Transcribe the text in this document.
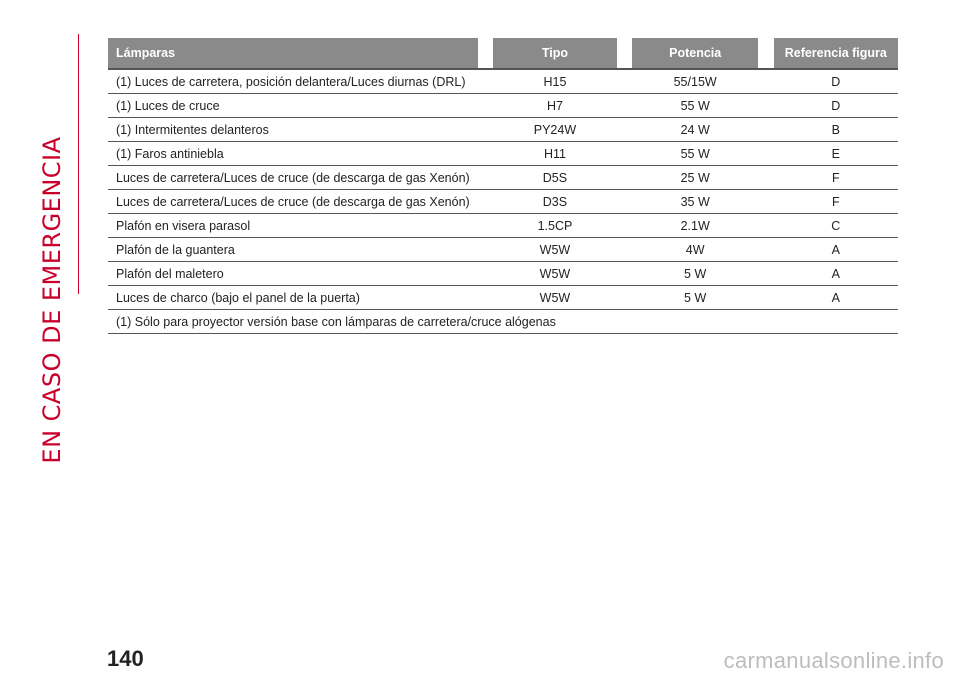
EN CASO DE EMERGENCIA
Lámparas		Tipo		Potencia		Referencia figura
(1) Luces de carretera, posición delantera/Luces diurnas (DRL)		H15		55/15W		D
(1) Luces de cruce		H7		55 W		D
(1) Intermitentes delanteros		PY24W		24 W		B
(1) Faros antiniebla		H11		55 W		E
Luces de carretera/Luces de cruce (de descarga de gas Xenón)		D5S		25 W		F
Luces de carretera/Luces de cruce (de descarga de gas Xenón)		D3S		35 W		F
Plafón en visera parasol		1.5CP		2.1W		C
Plafón de la guantera		W5W		4W		A
Plafón del maletero		W5W		5 W		A
Luces de charco (bajo el panel de la puerta)		W5W		5 W		A
(1) Sólo para proyector versión base con lámparas de carretera/cruce alógenas						
140	carmanualsonline.info
